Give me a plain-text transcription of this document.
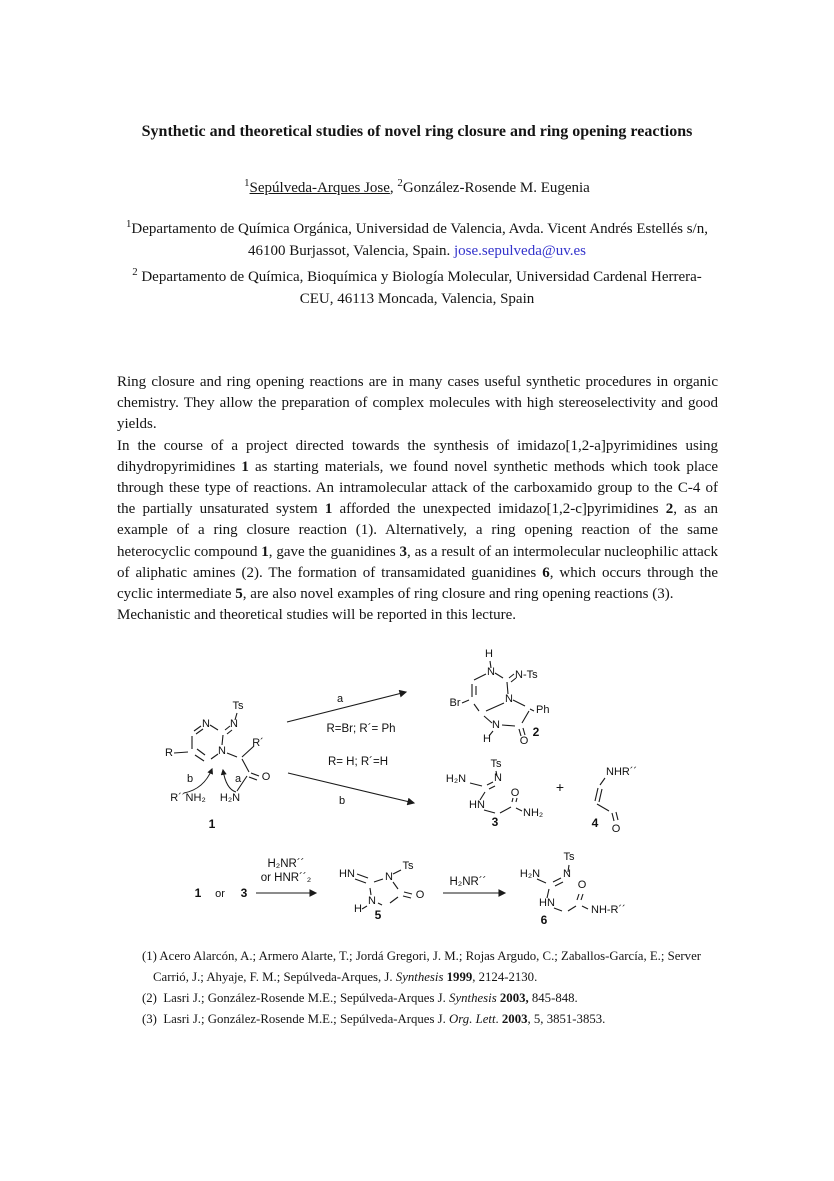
Synthetic and theoretical studies of novel ring closure and ring opening reactions
$^1$Sepúlveda-Arques Jose, $^2$González-Rosende M. Eugenia

$^1$Departamento de Química Orgánica, Universidad de Valencia, Avda. Vicent Andrés Estellés s/n, 46100 Burjassot, Valencia, Spain. jose.sepulveda@uv.es

$^2$ Departamento de Química, Bioquímica y Biología Molecular, Universidad Cardenal Herrera-CEU, 46113 Moncada, Valencia, Spain

Ring closure and ring opening reactions are in many cases useful synthetic procedures in organic chemistry. They allow the preparation of complex molecules with high stereoselectivity and good yields.

In the course of a project directed towards the synthesis of imidazo[1,2-a]pyrimidines using dihydropyrimidines 1 as starting materials, we found novel synthetic methods which took place through these type of reactions. An intramolecular attack of the carboxamido group to the C-4 of the partially unsaturated system 1 afforded the unexpected imidazo[1,2-c]pyrimidines 2, as an example of a ring closure reaction (1). Alternatively, a ring opening reaction of the same heterocyclic compound 1, gave the guanidines 3, as a result of an intermolecular nucleophilic attack of aliphatic amines (2). The formation of transamidated guanidines 6, which occurs through the cyclic intermediate 5, are also novel examples of ring closure and ring opening reactions (3).

Mechanistic and theoretical studies will be reported in this lecture.

Ts
N
N
N
R
R´
O
H₂N
R´´NH₂
a
b
1
a
R=Br; R´= Ph
R= H; R´=H
b
H
N N-Ts
Br	N
Ph
N
H	O
2
H₂N
Ts
N
HN
O
NH₂
3
+
NHR´´
O
4
1 or 3
H₂NR´´
or HNR´´₂	H₂NR´´
HN	N
Ts
O
N
H 5
Ts
H₂N N
O
HN
NH-R´´
6

(1) Acero Alarcón, A.; Armero Alarte, T.; Jordá Gregori, J. M.; Rojas Argudo, C.; Zaballos-García, E.; Server Carrió, J.; Ahyaje, F. M.; Sepúlveda-Arques, J. Synthesis 1999, 2124-2130.

(2)  Lasri J.; González-Rosende M.E.; Sepúlveda-Arques J. Synthesis 2003, 845-848.

(3)  Lasri J.; González-Rosende M.E.; Sepúlveda-Arques J. Org. Lett. 2003, 5, 3851-3853.
